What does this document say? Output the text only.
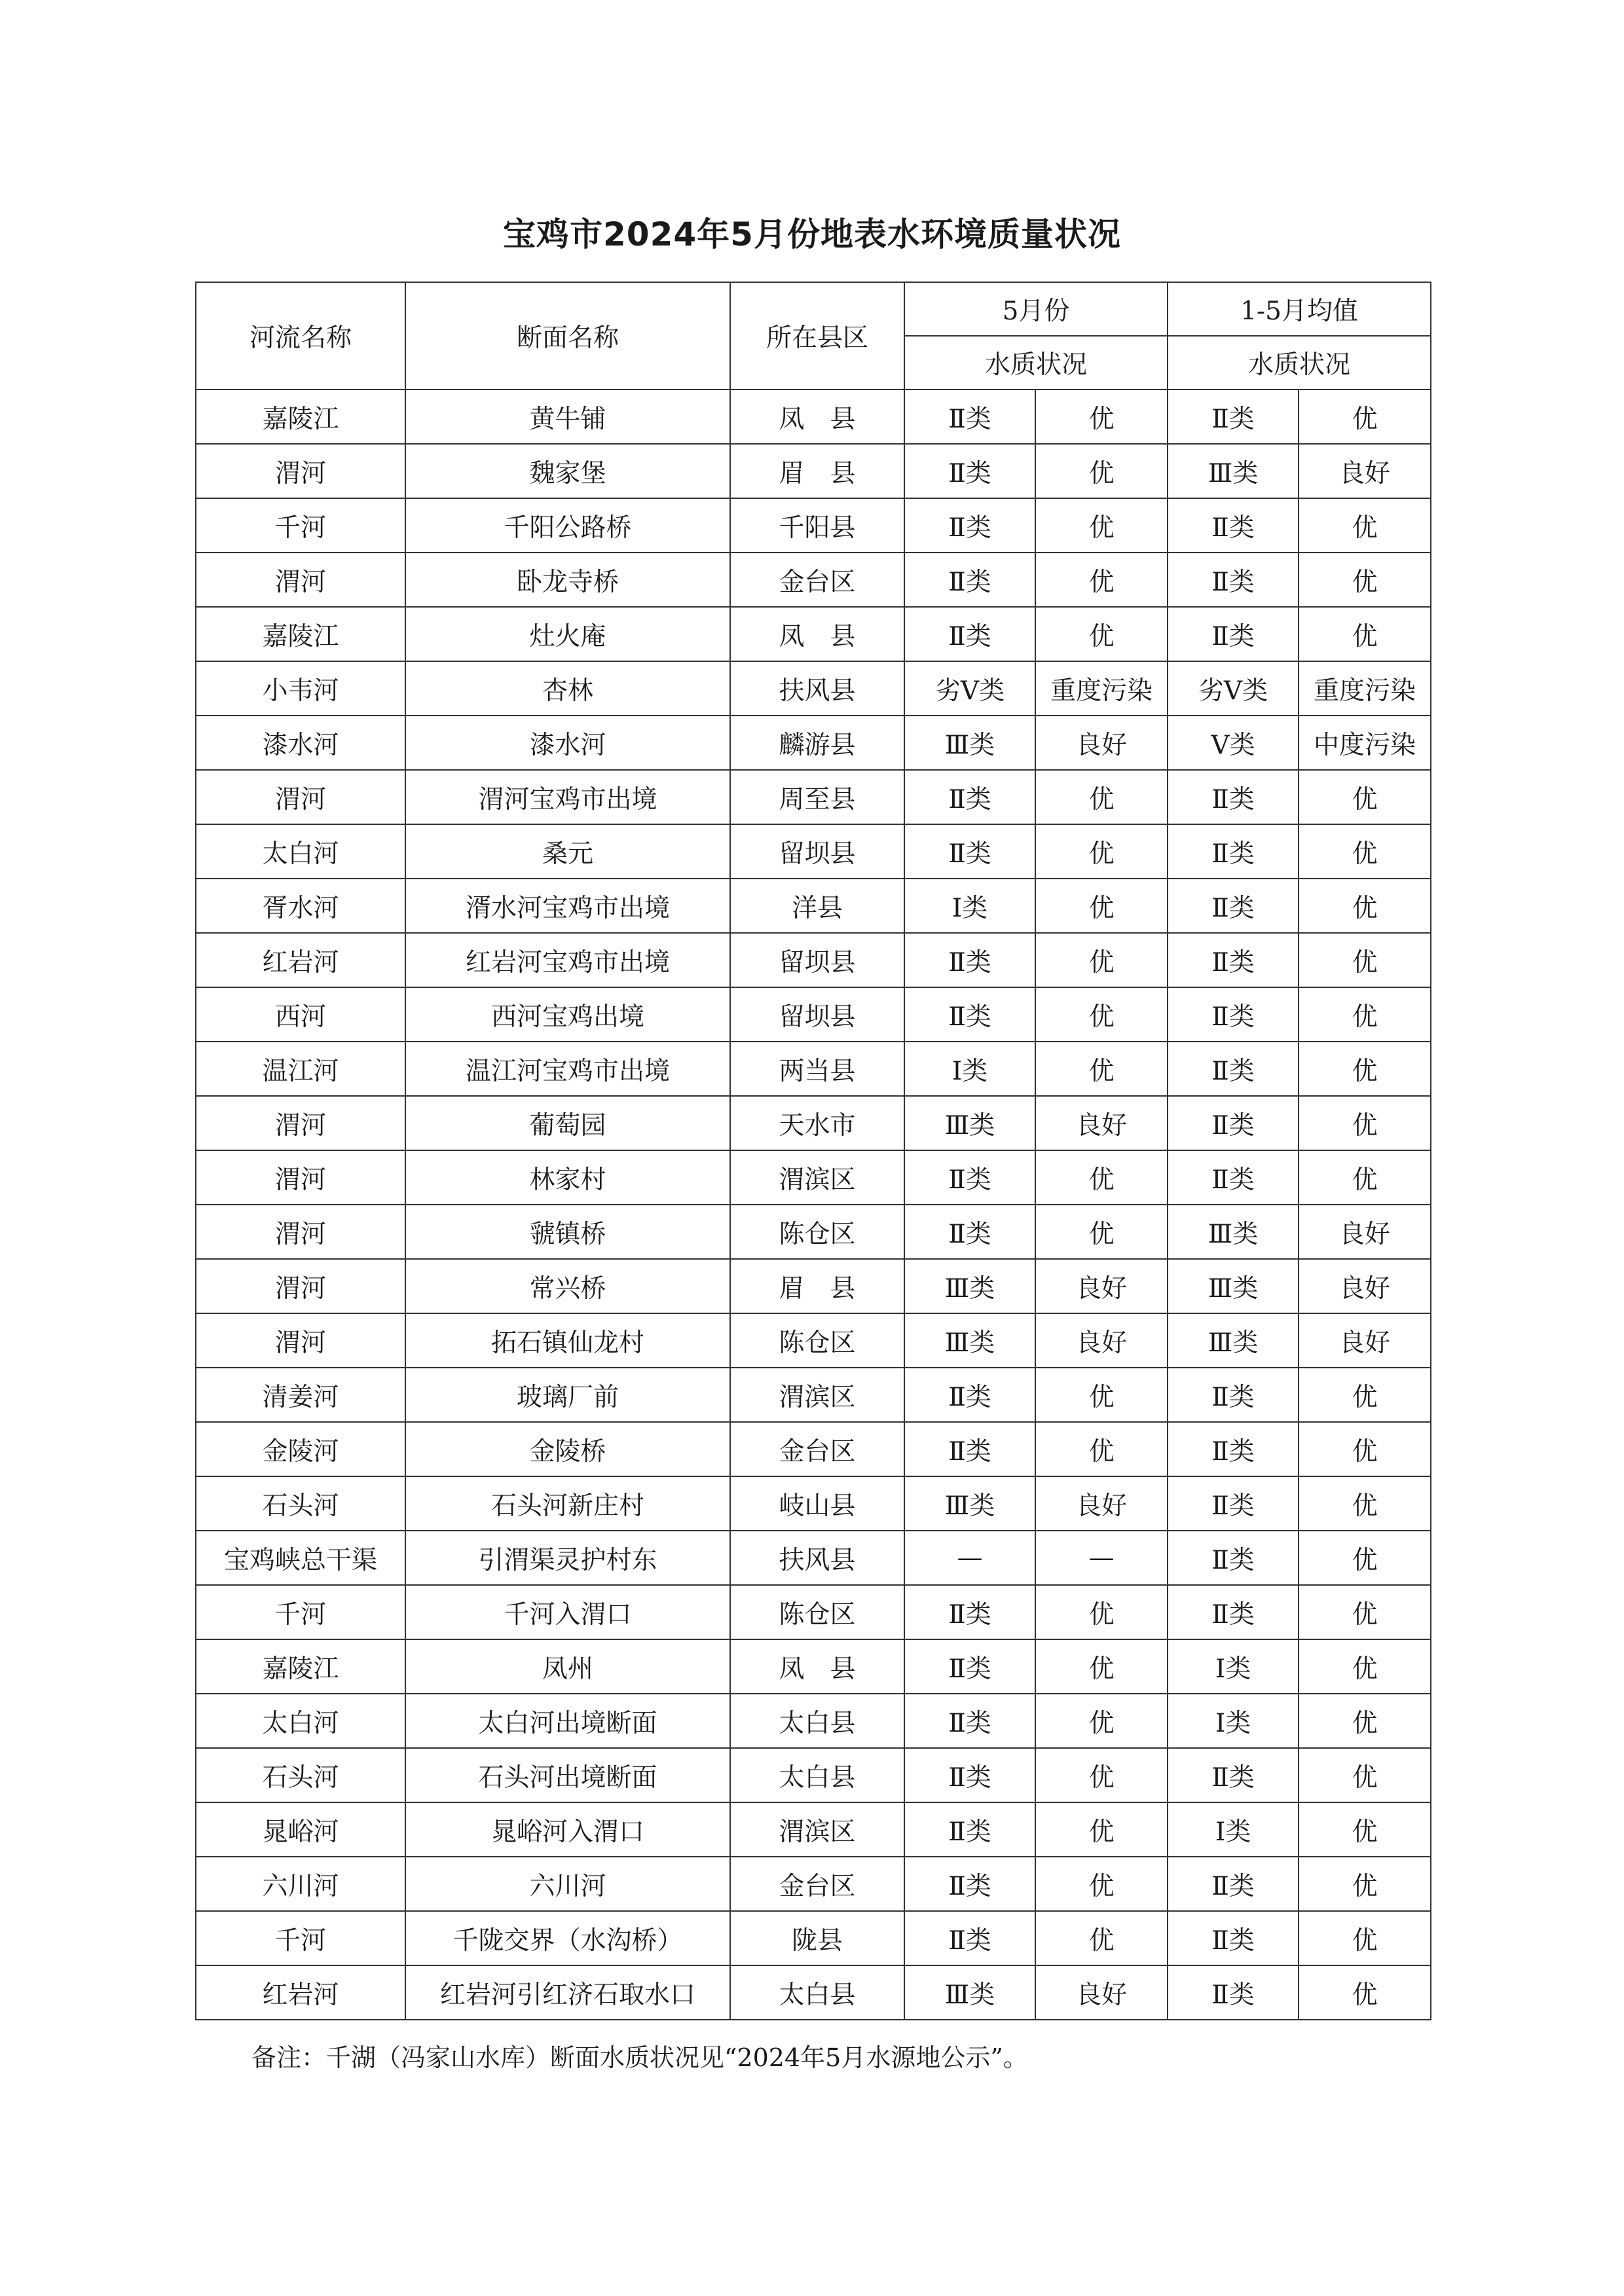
宝鸡市2024年5月份地表水环境质量状况
河流名称	断面名称	所在县区	5月份		1-5月均值	
			水质状况		水质状况	
嘉陵江	黄牛铺	凤　县	Ⅱ类	优	Ⅱ类	优
渭河	魏家堡	眉　县	Ⅱ类	优	Ⅲ类	良好
千河	千阳公路桥	千阳县	Ⅱ类	优	Ⅱ类	优
渭河	卧龙寺桥	金台区	Ⅱ类	优	Ⅱ类	优
嘉陵江	灶火庵	凤　县	Ⅱ类	优	Ⅱ类	优
小韦河	杏林	扶风县	劣Ⅴ类	重度污染	劣Ⅴ类	重度污染
漆水河	漆水河	麟游县	Ⅲ类	良好	Ⅴ类	中度污染
渭河	渭河宝鸡市出境	周至县	Ⅱ类	优	Ⅱ类	优
太白河	桑元	留坝县	Ⅱ类	优	Ⅱ类	优
胥水河	湑水河宝鸡市出境	洋县	Ⅰ类	优	Ⅱ类	优
红岩河	红岩河宝鸡市出境	留坝县	Ⅱ类	优	Ⅱ类	优
西河	西河宝鸡出境	留坝县	Ⅱ类	优	Ⅱ类	优
温江河	温江河宝鸡市出境	两当县	Ⅰ类	优	Ⅱ类	优
渭河	葡萄园	天水市	Ⅲ类	良好	Ⅱ类	优
渭河	林家村	渭滨区	Ⅱ类	优	Ⅱ类	优
渭河	虢镇桥	陈仓区	Ⅱ类	优	Ⅲ类	良好
渭河	常兴桥	眉　县	Ⅲ类	良好	Ⅲ类	良好
渭河	拓石镇仙龙村	陈仓区	Ⅲ类	良好	Ⅲ类	良好
清姜河	玻璃厂前	渭滨区	Ⅱ类	优	Ⅱ类	优
金陵河	金陵桥	金台区	Ⅱ类	优	Ⅱ类	优
石头河	石头河新庄村	岐山县	Ⅲ类	良好	Ⅱ类	优
宝鸡峡总干渠	引渭渠灵护村东	扶风县	—	—	Ⅱ类	优
千河	千河入渭口	陈仓区	Ⅱ类	优	Ⅱ类	优
嘉陵江	凤州	凤　县	Ⅱ类	优	Ⅰ类	优
太白河	太白河出境断面	太白县	Ⅱ类	优	Ⅰ类	优
石头河	石头河出境断面	太白县	Ⅱ类	优	Ⅱ类	优
晁峪河	晁峪河入渭口	渭滨区	Ⅱ类	优	Ⅰ类	优
六川河	六川河	金台区	Ⅱ类	优	Ⅱ类	优
千河	千陇交界（水沟桥）	陇县	Ⅱ类	优	Ⅱ类	优
红岩河	红岩河引红济石取水口	太白县	Ⅲ类	良好	Ⅱ类	优
备注：千湖（冯家山水库）断面水质状况见“2024年5月水源地公示”。
